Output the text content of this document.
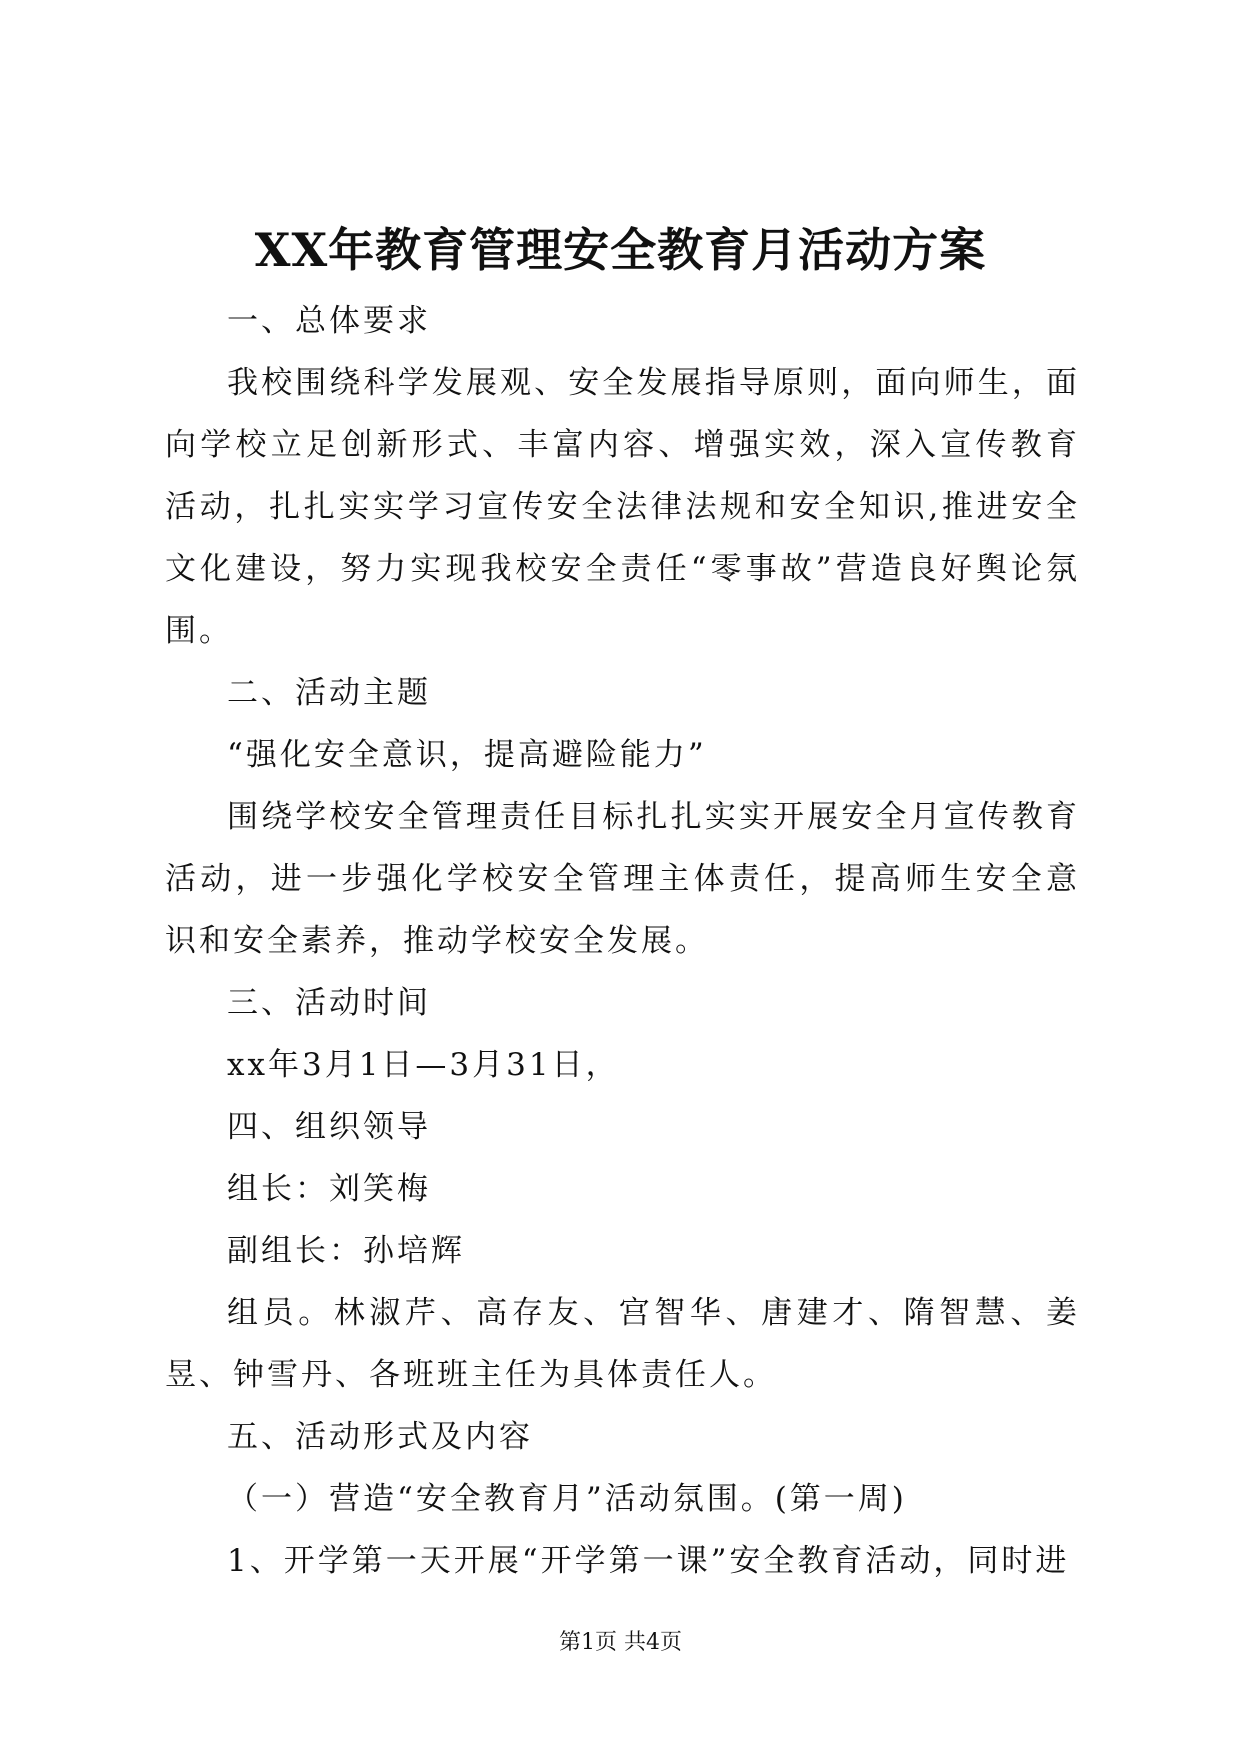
XX年教育管理安全教育月活动方案

一、总体要求

我校围绕科学发展观、安全发展指导原则，面向师生，面向学校立足创新形式、丰富内容、增强实效，深入宣传教育活动，扎扎实实学习宣传安全法律法规和安全知识,推进安全文化建设，努力实现我校安全责任“零事故”营造良好舆论氛围。

二、活动主题

“强化安全意识，提高避险能力”

围绕学校安全管理责任目标扎扎实实开展安全月宣传教育活动，进一步强化学校安全管理主体责任，提高师生安全意识和安全素养，推动学校安全发展。

三、活动时间

xx年3月1日—3月31日，

四、组织领导

组长：刘笑梅

副组长：孙培辉

组员。林淑芹、高存友、宫智华、唐建才、隋智慧、姜昱、钟雪丹、各班班主任为具体责任人。

五、活动形式及内容

（一）营造“安全教育月”活动氛围。(第一周)

1、开学第一天开展“开学第一课”安全教育活动，同时进

第1页 共4页
